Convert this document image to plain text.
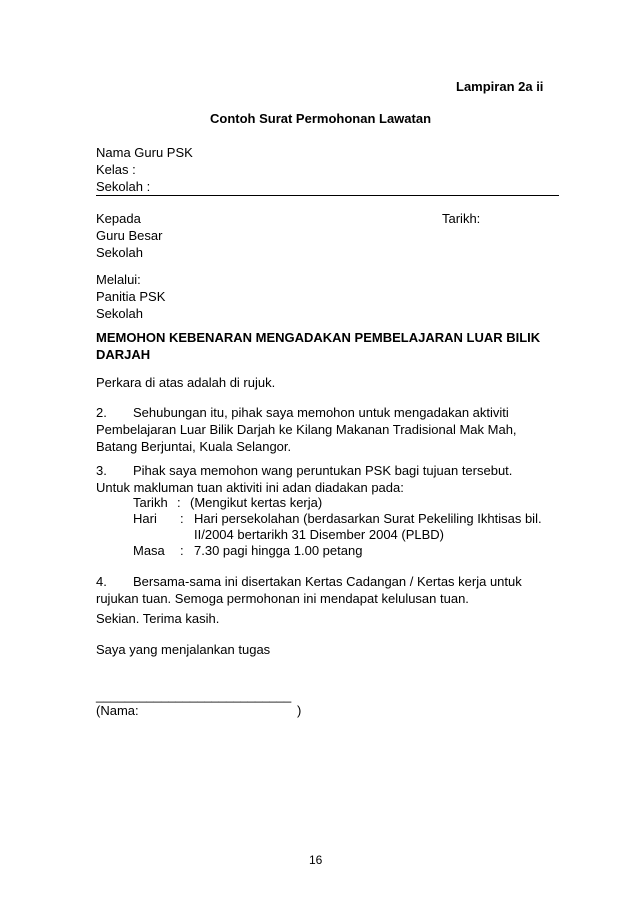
Lampiran 2a ii
Contoh Surat Permohonan Lawatan
Nama Guru PSK
Kelas :
Sekolah :
Kepada
Guru Besar
Sekolah
Tarikh:
Melalui:
Panitia PSK
Sekolah
MEMOHON KEBENARAN MENGADAKAN PEMBELAJARAN LUAR BILIK
DARJAH
Perkara di atas adalah di rujuk.
2. Sehubungan itu, pihak saya memohon untuk mengadakan aktiviti
Pembelajaran Luar Bilik Darjah ke Kilang Makanan Tradisional Mak Mah,
Batang Berjuntai, Kuala Selangor.
3. Pihak saya memohon wang peruntukan PSK bagi tujuan tersebut.
Untuk makluman tuan aktiviti ini adan diadakan pada:
Tarikh : (Mengikut kertas kerja)
Hari : Hari persekolahan (berdasarkan Surat Pekeliling Ikhtisas bil.
II/2004 bertarikh 31 Disember 2004 (PLBD)
Masa : 7.30 pagi hingga 1.00 petang
4. Bersama-sama ini disertakan Kertas Cadangan / Kertas kerja untuk
rujukan tuan. Semoga permohonan ini mendapat kelulusan tuan.
Sekian. Terima kasih.
Saya yang menjalankan tugas
___________________________
(Nama:	)
16
